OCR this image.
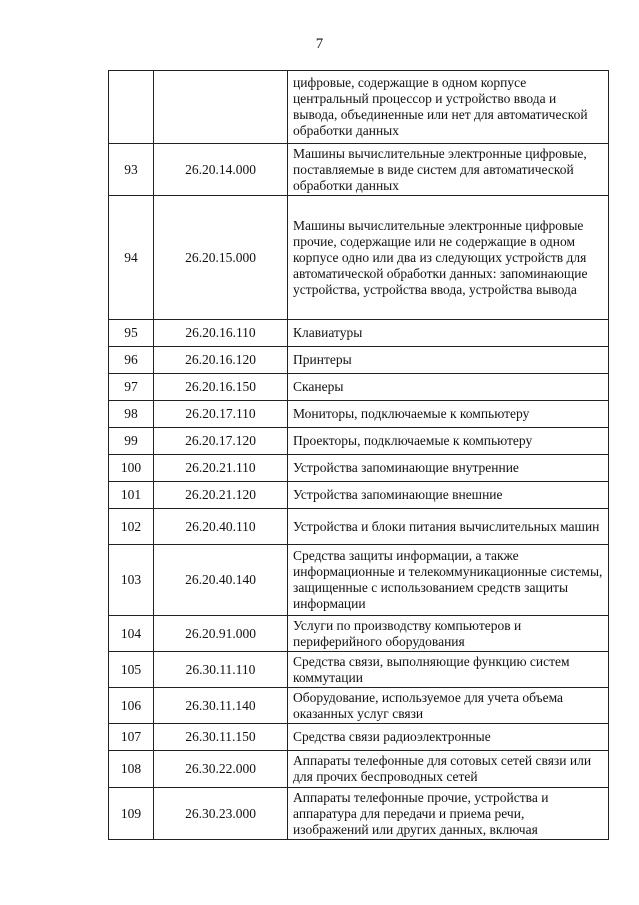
7
		цифровые, содержащие в одном корпусе центральный процессор и устройство ввода и вывода, объединенные или нет для автоматической обработки данных
93	26.20.14.000	Машины вычислительные электронные цифровые, поставляемые в виде систем для автоматической обработки данных
94	26.20.15.000	Машины вычислительные электронные цифровые прочие, содержащие или не содержащие в одном корпусе одно или два из следующих устройств для автоматической обработки данных: запоминающие устройства, устройства ввода, устройства вывода
95	26.20.16.110	Клавиатуры
96	26.20.16.120	Принтеры
97	26.20.16.150	Сканеры
98	26.20.17.110	Мониторы, подключаемые к компьютеру
99	26.20.17.120	Проекторы, подключаемые к компьютеру
100	26.20.21.110	Устройства запоминающие внутренние
101	26.20.21.120	Устройства запоминающие внешние
102	26.20.40.110	Устройства и блоки питания вычислительных машин
103	26.20.40.140	Средства защиты информации, а также информационные и телекоммуникационные системы, защищенные с использованием средств защиты информации
104	26.20.91.000	Услуги по производству компьютеров и периферийного оборудования
105	26.30.11.110	Средства связи, выполняющие функцию систем коммутации
106	26.30.11.140	Оборудование, используемое для учета объема оказанных услуг связи
107	26.30.11.150	Средства связи радиоэлектронные
108	26.30.22.000	Аппараты телефонные для сотовых сетей связи или для прочих беспроводных сетей
109	26.30.23.000	Аппараты телефонные прочие, устройства и аппаратура для передачи и приема речи, изображений или других данных, включая
